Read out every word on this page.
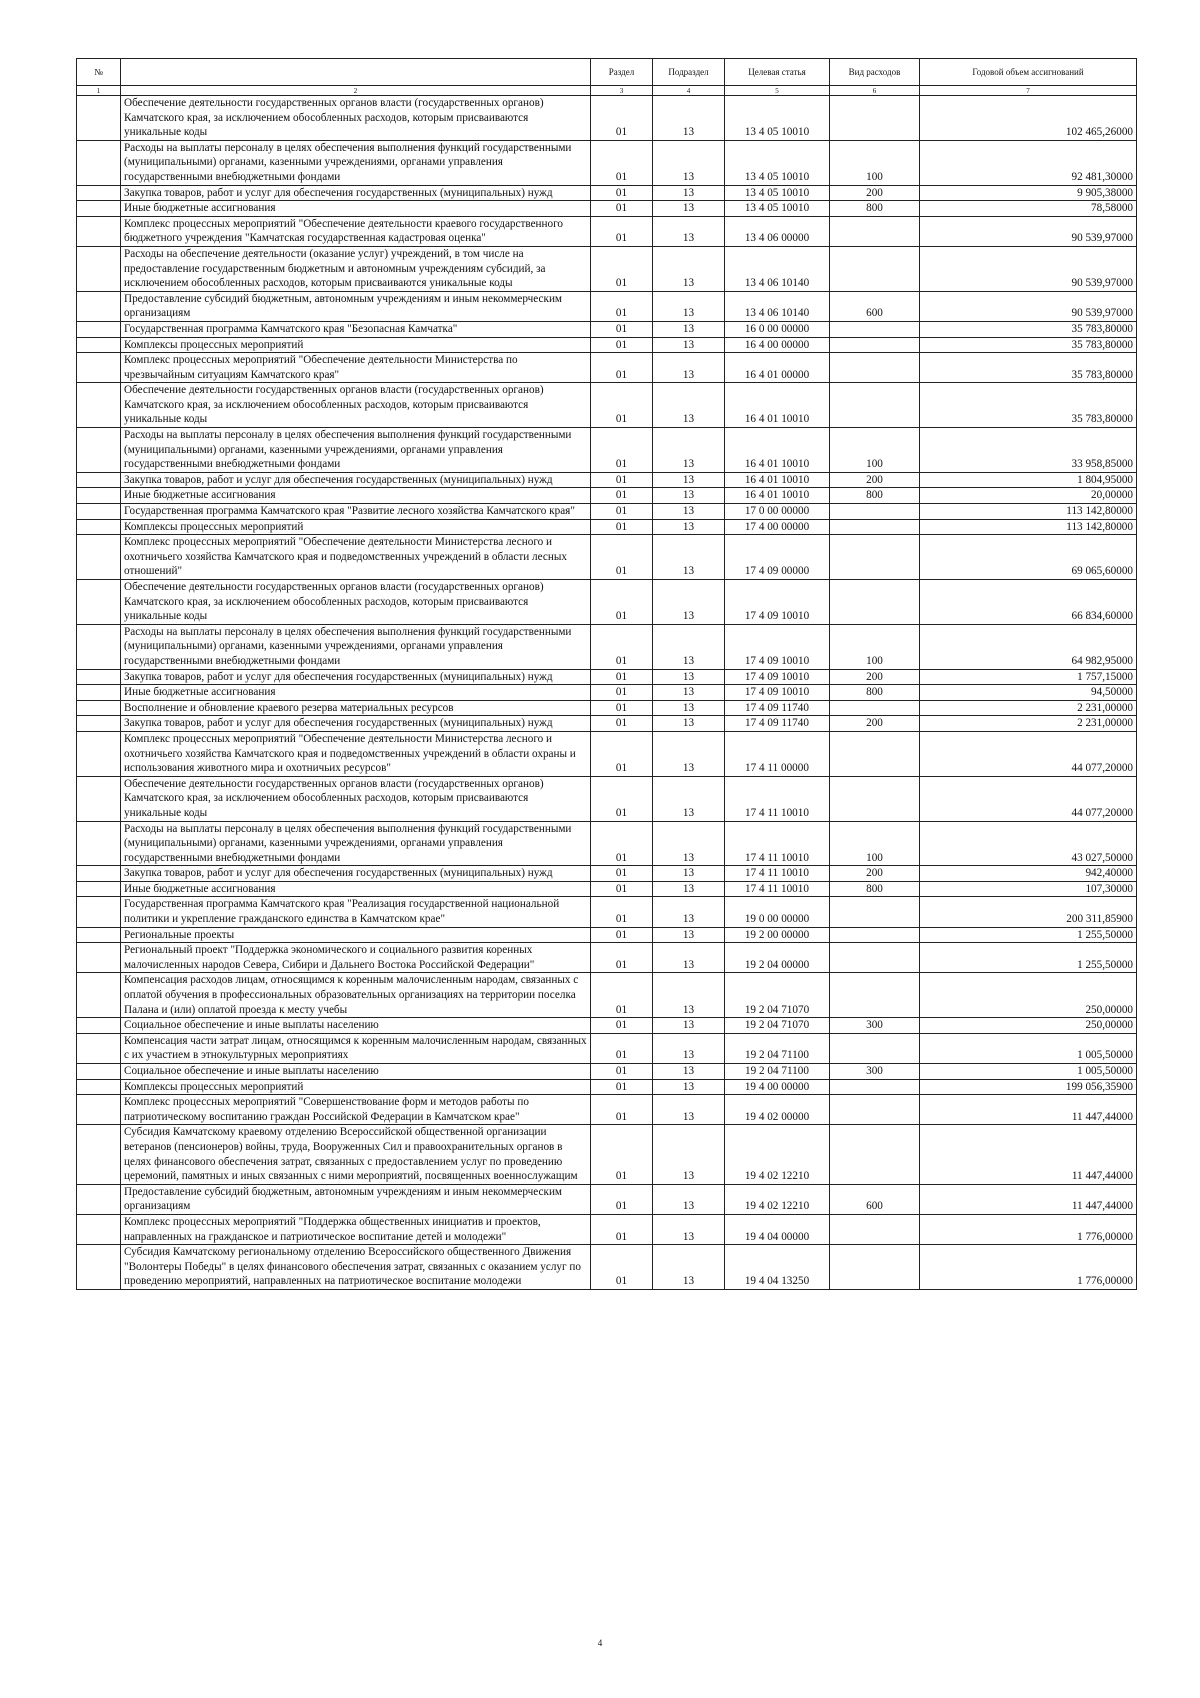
№		Раздел	Подраздел	Целевая статья	Вид расходов	Годовой объем ассигнований
1	2	3	4	5	6	7
	Обеспечение деятельности государственных органов власти (государственных органов) Камчатского края, за исключением обособленных расходов, которым присваиваются уникальные коды	01	13	13 4 05 10010		102 465,26000
	Расходы на выплаты персоналу в целях обеспечения выполнения функций государственными (муниципальными) органами, казенными учреждениями, органами управления государственными внебюджетными фондами	01	13	13 4 05 10010	100	92 481,30000
	Закупка товаров, работ и услуг для обеспечения государственных (муниципальных) нужд	01	13	13 4 05 10010	200	9 905,38000
	Иные бюджетные ассигнования	01	13	13 4 05 10010	800	78,58000
	Комплекс процессных мероприятий "Обеспечение деятельности краевого государственного бюджетного учреждения "Камчатская государственная кадастровая оценка"	01	13	13 4 06 00000		90 539,97000
	Расходы на обеспечение деятельности (оказание услуг) учреждений, в том числе на предоставление государственным бюджетным и автономным учреждениям субсидий, за исключением обособленных расходов, которым присваиваются уникальные коды	01	13	13 4 06 10140		90 539,97000
	Предоставление субсидий бюджетным, автономным учреждениям и иным некоммерческим организациям	01	13	13 4 06 10140	600	90 539,97000
	Государственная программа Камчатского края "Безопасная Камчатка"	01	13	16 0 00 00000		35 783,80000
	Комплексы процессных мероприятий	01	13	16 4 00 00000		35 783,80000
	Комплекс процессных мероприятий "Обеспечение деятельности Министерства по чрезвычайным ситуациям Камчатского края"	01	13	16 4 01 00000		35 783,80000
	Обеспечение деятельности государственных органов власти (государственных органов) Камчатского края, за исключением обособленных расходов, которым присваиваются уникальные коды	01	13	16 4 01 10010		35 783,80000
	Расходы на выплаты персоналу в целях обеспечения выполнения функций государственными (муниципальными) органами, казенными учреждениями, органами управления государственными внебюджетными фондами	01	13	16 4 01 10010	100	33 958,85000
	Закупка товаров, работ и услуг для обеспечения государственных (муниципальных) нужд	01	13	16 4 01 10010	200	1 804,95000
	Иные бюджетные ассигнования	01	13	16 4 01 10010	800	20,00000
	Государственная программа Камчатского края "Развитие лесного хозяйства Камчатского края"	01	13	17 0 00 00000		113 142,80000
	Комплексы процессных мероприятий	01	13	17 4 00 00000		113 142,80000
	Комплекс процессных мероприятий "Обеспечение деятельности Министерства лесного и охотничьего хозяйства Камчатского края и подведомственных учреждений в области лесных отношений"	01	13	17 4 09 00000		69 065,60000
	Обеспечение деятельности государственных органов власти (государственных органов) Камчатского края, за исключением обособленных расходов, которым присваиваются уникальные коды	01	13	17 4 09 10010		66 834,60000
	Расходы на выплаты персоналу в целях обеспечения выполнения функций государственными (муниципальными) органами, казенными учреждениями, органами управления государственными внебюджетными фондами	01	13	17 4 09 10010	100	64 982,95000
	Закупка товаров, работ и услуг для обеспечения государственных (муниципальных) нужд	01	13	17 4 09 10010	200	1 757,15000
	Иные бюджетные ассигнования	01	13	17 4 09 10010	800	94,50000
	Восполнение и обновление краевого резерва материальных ресурсов	01	13	17 4 09 11740		2 231,00000
	Закупка товаров, работ и услуг для обеспечения государственных (муниципальных) нужд	01	13	17 4 09 11740	200	2 231,00000
	Комплекс процессных мероприятий "Обеспечение деятельности Министерства лесного и охотничьего хозяйства Камчатского края и подведомственных учреждений в области охраны и использования животного мира и охотничьих ресурсов"	01	13	17 4 11 00000		44 077,20000
	Обеспечение деятельности государственных органов власти (государственных органов) Камчатского края, за исключением обособленных расходов, которым присваиваются уникальные коды	01	13	17 4 11 10010		44 077,20000
	Расходы на выплаты персоналу в целях обеспечения выполнения функций государственными (муниципальными) органами, казенными учреждениями, органами управления государственными внебюджетными фондами	01	13	17 4 11 10010	100	43 027,50000
	Закупка товаров, работ и услуг для обеспечения государственных (муниципальных) нужд	01	13	17 4 11 10010	200	942,40000
	Иные бюджетные ассигнования	01	13	17 4 11 10010	800	107,30000
	Государственная программа Камчатского края "Реализация государственной национальной политики и укрепление гражданского единства в Камчатском крае"	01	13	19 0 00 00000		200 311,85900
	Региональные проекты	01	13	19 2 00 00000		1 255,50000
	Региональный проект "Поддержка экономического и социального развития коренных малочисленных народов Севера, Сибири и Дальнего Востока Российской Федерации"	01	13	19 2 04 00000		1 255,50000
	Компенсация расходов лицам, относящимся к коренным малочисленным народам, связанных с оплатой обучения в профессиональных образовательных организациях на территории поселка Палана и (или) оплатой проезда к месту учебы	01	13	19 2 04 71070		250,00000
	Социальное обеспечение и иные выплаты населению	01	13	19 2 04 71070	300	250,00000
	Компенсация части затрат лицам, относящимся к коренным малочисленным народам, связанных с их участием в этнокультурных мероприятиях	01	13	19 2 04 71100		1 005,50000
	Социальное обеспечение и иные выплаты населению	01	13	19 2 04 71100	300	1 005,50000
	Комплексы процессных мероприятий	01	13	19 4 00 00000		199 056,35900
	Комплекс процессных мероприятий "Совершенствование форм и методов работы по патриотическому воспитанию граждан Российской Федерации в Камчатском крае"	01	13	19 4 02 00000		11 447,44000
	Субсидия Камчатскому краевому отделению Всероссийской общественной организации ветеранов (пенсионеров) войны, труда, Вооруженных Сил и правоохранительных органов в целях финансового обеспечения затрат, связанных с предоставлением услуг по проведению церемоний, памятных и иных связанных с ними мероприятий, посвященных военнослужащим	01	13	19 4 02 12210		11 447,44000
	Предоставление субсидий бюджетным, автономным учреждениям и иным некоммерческим организациям	01	13	19 4 02 12210	600	11 447,44000
	Комплекс процессных мероприятий "Поддержка общественных инициатив и проектов, направленных на гражданское и патриотическое воспитание детей и молодежи"	01	13	19 4 04 00000		1 776,00000
	Субсидия Камчатскому региональному отделению Всероссийского общественного Движения "Волонтеры Победы" в целях финансового обеспечения затрат, связанных с оказанием услуг по проведению мероприятий, направленных на патриотическое воспитание молодежи	01	13	19 4 04 13250		1 776,00000
4
